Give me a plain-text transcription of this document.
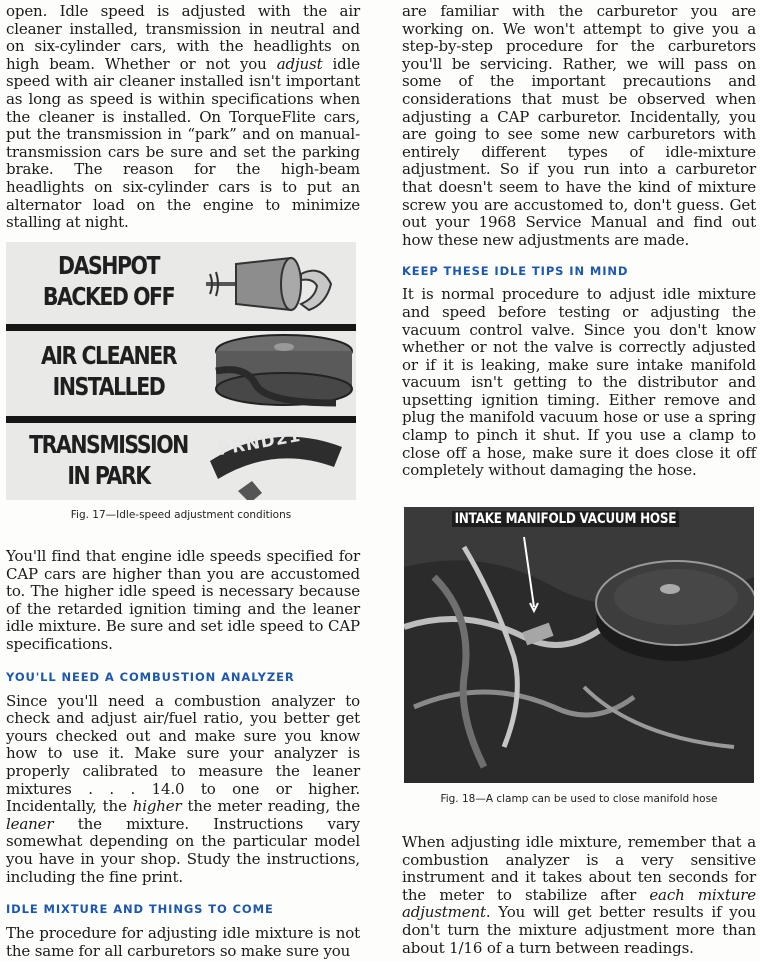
open. Idle speed is adjusted with the air cleaner installed, transmission in neutral and on six-cylinder cars, with the headlights on high beam. Whether or not you adjust idle speed with air cleaner installed isn't important as long as speed is within specifications when the cleaner is installed. On TorqueFlite cars, put the transmission in “park” and on manual-transmission cars be sure and set the parking brake. The reason for the high-beam headlights on six-cylinder cars is to put an alternator load on the engine to minimize stalling at night.

DASHPOT BACKED OFF
AIR CLEANER INSTALLED
TRANSMISSION IN PARK
PRND21
Fig. 17—Idle-speed adjustment conditions

You'll find that engine idle speeds specified for CAP cars are higher than you are accustomed to. The higher idle speed is necessary because of the retarded ignition timing and the leaner idle mixture. Be sure and set idle speed to CAP specifications.

YOU'LL NEED A COMBUSTION ANALYZER

Since you'll need a combustion analyzer to check and adjust air/fuel ratio, you better get yours checked out and make sure you know how to use it. Make sure your analyzer is properly calibrated to measure the leaner mixtures . . . 14.0 to one or higher. Incidentally, the higher the meter reading, the leaner the mixture. Instructions vary somewhat depending on the particular model you have in your shop. Study the instructions, including the fine print.

IDLE MIXTURE AND THINGS TO COME

The procedure for adjusting idle mixture is not the same for all carburetors so make sure you

are familiar with the carburetor you are working on. We won't attempt to give you a step-by-step procedure for the carburetors you'll be servicing. Rather, we will pass on some of the important precautions and considerations that must be observed when adjusting a CAP carburetor. Incidentally, you are going to see some new carburetors with entirely different types of idle-mixture adjustment. So if you run into a carburetor that doesn't seem to have the kind of mixture screw you are accustomed to, don't guess. Get out your 1968 Service Manual and find out how these new adjustments are made.

KEEP THESE IDLE TIPS IN MIND

It is normal procedure to adjust idle mixture and speed before testing or adjusting the vacuum control valve. Since you don't know whether or not the valve is correctly adjusted or if it is leaking, make sure intake manifold vacuum isn't getting to the distributor and upsetting ignition timing. Either remove and plug the manifold vacuum hose or use a spring clamp to pinch it shut. If you use a clamp to close off a hose, make sure it does close it off completely without damaging the hose.

INTAKE MANIFOLD VACUUM HOSE
Fig. 18—A clamp can be used to close manifold hose

When adjusting idle mixture, remember that a combustion analyzer is a very sensitive instrument and it takes about ten seconds for the meter to stabilize after each mixture adjustment. You will get better results if you don't turn the mixture adjustment more than about 1/16 of a turn between readings.
